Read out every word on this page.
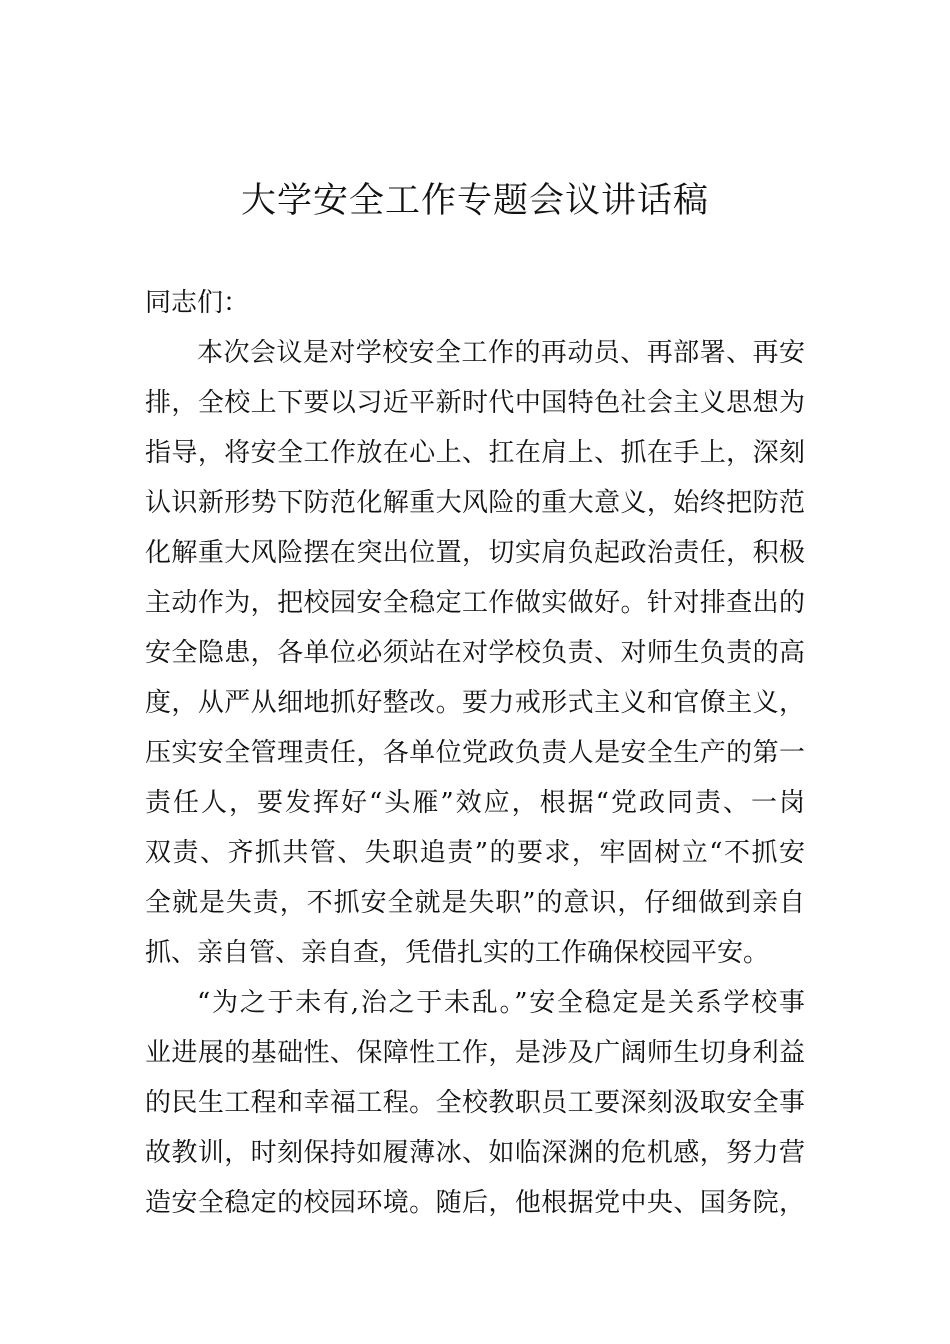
大学安全工作专题会议讲话稿

同志们：

本次会议是对学校安全工作的再动员、再部署、再安
排，全校上下要以习近平新时代中国特色社会主义思想为
指导，将安全工作放在心上、扛在肩上、抓在手上，深刻
认识新形势下防范化解重大风险的重大意义，始终把防范
化解重大风险摆在突出位置，切实肩负起政治责任，积极
主动作为，把校园安全稳定工作做实做好。针对排查出的
安全隐患，各单位必须站在对学校负责、对师生负责的高
度，从严从细地抓好整改。要力戒形式主义和官僚主义，
压实安全管理责任，各单位党政负责人是安全生产的第一
责任人，要发挥好“头雁”效应，根据“党政同责、一岗
双责、齐抓共管、失职追责”的要求，牢固树立“不抓安
全就是失责，不抓安全就是失职”的意识，仔细做到亲自
抓、亲自管、亲自查，凭借扎实的工作确保校园平安。

“为之于未有,治之于未乱。”安全稳定是关系学校事
业进展的基础性、保障性工作，是涉及广阔师生切身利益
的民生工程和幸福工程。全校教职员工要深刻汲取安全事
故教训，时刻保持如履薄冰、如临深渊的危机感，努力营
造安全稳定的校园环境。随后，他根据党中央、国务院，
